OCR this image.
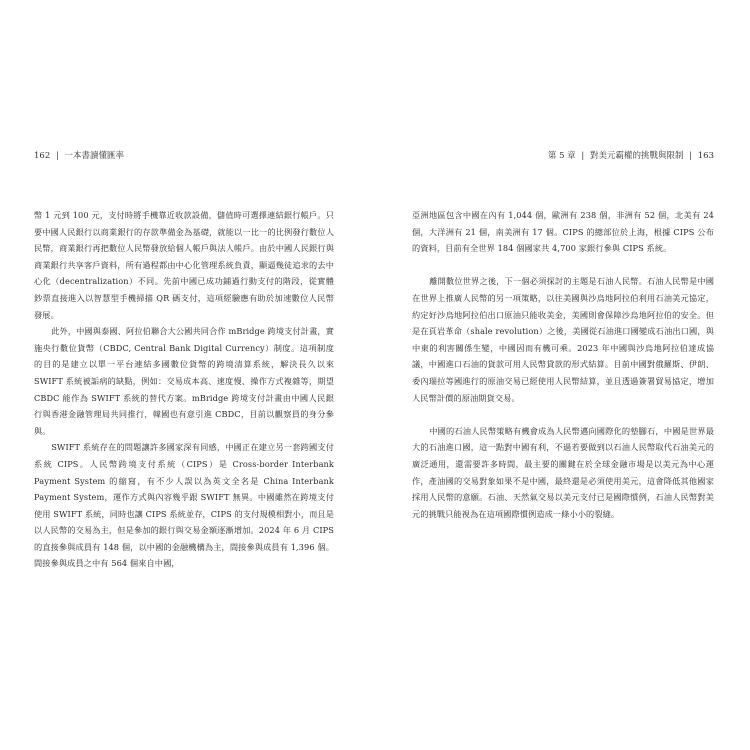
162 | 一本書讀懂匯率

幣 1 元到 100 元，支付時將手機靠近收款設備，儲值時可選擇連結銀行帳戶。只要中國人民銀行以商業銀行的存款準備金為基礎，就能以一比一的比例發行數位人民幣，商業銀行再把數位人民幣發放給個人帳戶與法人帳戶。由於中國人民銀行與商業銀行共享客戶資料，所有過程都由中心化管理系統負責，顯逼幾徒追求的去中心化（decentralization）不同。先前中國已成功鋪過行動支付的階段，從實體鈔票直接進入以智慧型手機掃描 QR 碼支付，這項經驗應有助於加速數位人民幣發展。

此外，中國與泰國、阿拉伯聯合大公國共同合作 mBridge 跨境支付計畫，實施央行數位貨幣（CBDC, Central Bank Digital Currency）制度。這項制度的目的是建立以單一平台連結多國數位貨幣的跨境清算系統，解決長久以來 SWIFT 系統被詬病的缺點，例如：交易成本高、速度慢、操作方式複雜等，期望 CBDC 能作為 SWIFT 系統的替代方案。mBridge 跨境支付計畫由中國人民銀行與香港金融管理局共同推行，韓國也有意引進 CBDC，目前以觀察員的身分參與。

SWIFT 系統存在的問題讓許多國家深有同感，中國正在建立另一套跨國支付系統 CIPS。人民幣跨境支付系統（CIPS）是 Cross-border Interbank Payment System 的縮寫，有不少人誤以為英文全名是 China Interbank Payment System，運作方式與內容幾乎跟 SWIFT 無異。中國雖然在跨境支付使用 SWIFT 系統，同時也讓 CIPS 系統並存，CIPS 的支付規模相對小，而且是以人民幣的交易為主，但是參加的銀行與交易金額逐漸增加。2024 年 6 月 CIPS 的直接參與成員有 148 個，以中國的金融機構為主，間接參與成員有 1,396 個。間接參與成員之中有 564 個來自中國，

第 5 章 | 對美元霸權的挑戰與限制 | 163

亞洲地區包含中國在內有 1,044 個，歐洲有 238 個，非洲有 52 個，北美有 24 個，大洋洲有 21 個，南美洲有 17 個。CIPS 的總部位於上海，根據 CIPS 公布的資料，目前有全世界 184 個國家共 4,700 家銀行參與 CIPS 系統。

離開數位世界之後，下一個必須探討的主題是石油人民幣。石油人民幣是中國在世界上推廣人民幣的另一項策略，以往美國與沙烏地阿拉伯利用石油美元協定，約定好沙烏地阿拉伯出口原油只能收美金，美國則會保障沙烏地阿拉伯的安全。但是在頁岩革命（shale revolution）之後，美國從石油進口國變成石油出口國，與中東的利害關係生變，中國因而有機可乘。2023 年中國與沙烏地阿拉伯達成協議，中國進口石油的貨款可用人民幣貸款的形式結算。目前中國對俄羅斯、伊朗、委內瑞拉等國進行的原油交易已經使用人民幣結算，並且透過簽署貿易協定，增加人民幣計價的原油期貨交易。

中國的石油人民幣策略有機會成為人民幣邁向國際化的墊腳石，中國是世界最大的石油進口國，這一點對中國有利，不過若要做到以石油人民幣取代石油美元的廣泛通用，還需要許多時間，最主要的關鍵在於全球金融市場是以美元為中心運作，產油國的交易對象如果不是中國，最終還是必須使用美元，這會降低其他國家採用人民幣的意願。石油、天然氣交易以美元支付已是國際慣例，石油人民幣對美元的挑戰只能視為在這項國際慣例造成一條小小的裂縫。
